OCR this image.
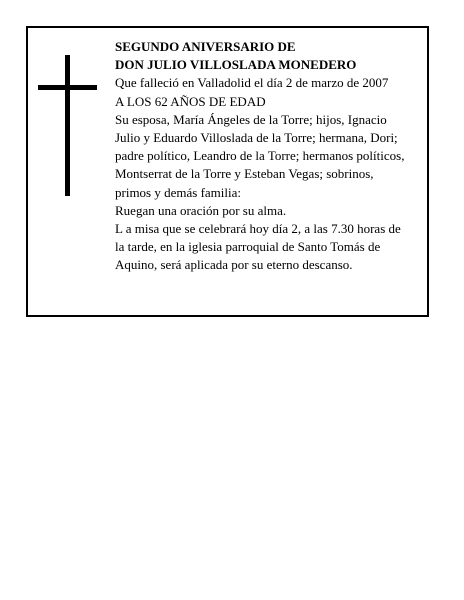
SEGUNDO ANIVERSARIO DE
DON JULIO VILLOSLADA MONEDERO
Que falleció en Valladolid el día 2 de marzo de 2007
A LOS 62 AÑOS DE EDAD
Su esposa, María Ángeles de la Torre; hijos, Ignacio
Julio y Eduardo Villoslada de la Torre; hermana, Dori;
padre político, Leandro de la Torre; hermanos políticos,
Montserrat de la Torre y Esteban Vegas; sobrinos,
primos y demás familia:
Ruegan una oración por su alma.
L a misa que se celebrará hoy día 2, a las 7.30 horas de
la tarde, en la iglesia parroquial de Santo Tomás de
Aquino, será aplicada por su eterno descanso.
